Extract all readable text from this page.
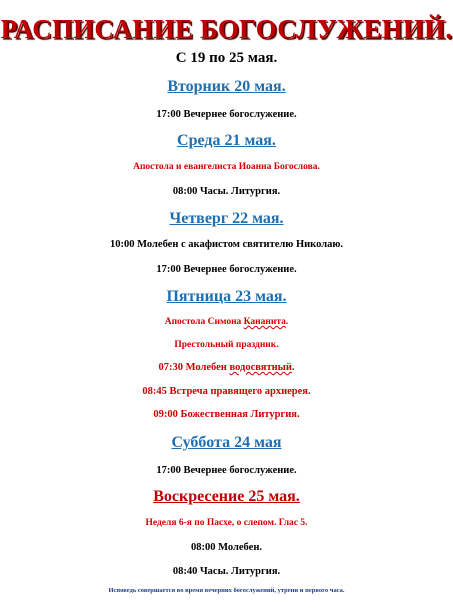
РАСПИСАНИЕ БОГОСЛУЖЕНИЙ.
С 19 по 25 мая.
Вторник 20 мая.
17:00 Вечернее богослужение.
Среда 21 мая.
Апостола и евангелиста Иоанна Богослова.
08:00 Часы. Литургия.
Четверг 22 мая.
10:00 Молебен с акафистом святителю Николаю.
17:00 Вечернее богослужение.
Пятница 23 мая.
Апостола Симона Кананита.
Престольный праздник.
07:30 Молебен водосвятный.
08:45 Встреча правящего архиерея.
09:00 Божественная Литургия.
Суббота 24 мая
17:00 Вечернее богослужение.
Воскресение 25 мая.
Неделя 6-я по Пасхе, о слепом. Глас 5.
08:00 Молебен.
08:40 Часы. Литургия.
Исповедь совершается во время вечерних богослужений, утрени и первого часа.
